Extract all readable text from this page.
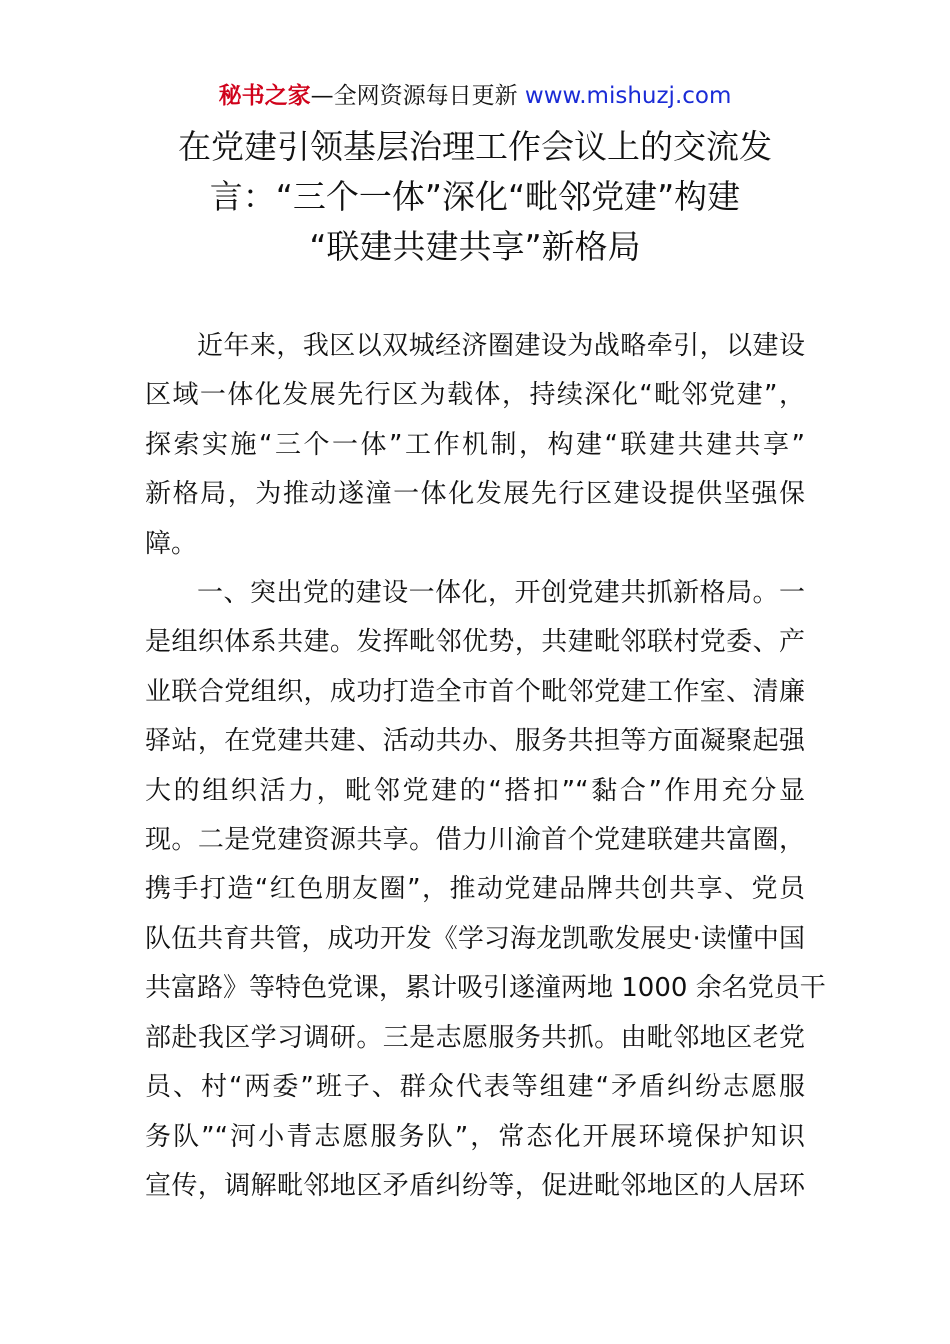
秘书之家—全网资源每日更新 www.mishuzj.com
在党建引领基层治理工作会议上的交流发
言：“三个一体”深化“毗邻党建”构建
“联建共建共享”新格局

近年来，我区以双城经济圈建设为战略牵引，以建设
区域一体化发展先行区为载体，持续深化“毗邻党建”，
探索实施“三个一体”工作机制，构建“联建共建共享”
新格局，为推动遂潼一体化发展先行区建设提供坚强保
障。

一、突出党的建设一体化，开创党建共抓新格局。一
是组织体系共建。发挥毗邻优势，共建毗邻联村党委、产
业联合党组织，成功打造全市首个毗邻党建工作室、清廉
驿站，在党建共建、活动共办、服务共担等方面凝聚起强
大的组织活力，毗邻党建的“搭扣”“黏合”作用充分显
现。二是党建资源共享。借力川渝首个党建联建共富圈，
携手打造“红色朋友圈”，推动党建品牌共创共享、党员
队伍共育共管，成功开发《学习海龙凯歌发展史·读懂中国
共富路》等特色党课，累计吸引遂潼两地 1000 余名党员干
部赴我区学习调研。三是志愿服务共抓。由毗邻地区老党
员、村“两委”班子、群众代表等组建“矛盾纠纷志愿服
务队”“河小青志愿服务队”，常态化开展环境保护知识
宣传，调解毗邻地区矛盾纠纷等，促进毗邻地区的人居环
